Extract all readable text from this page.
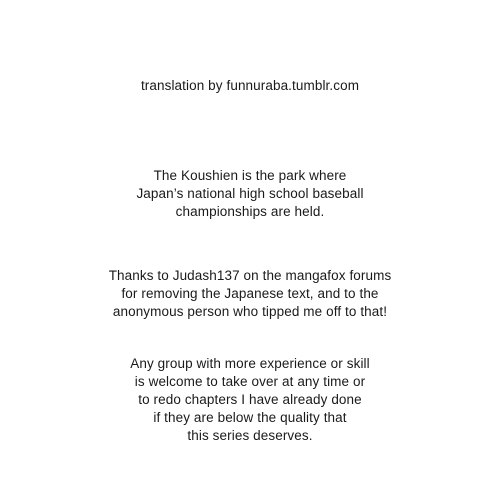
translation by funnuraba.tumblr.com
The Koushien is the park where
Japan’s national high school baseball
championships are held.
Thanks to Judash137 on the mangafox forums
for removing the Japanese text, and to the
anonymous person who tipped me off to that!
Any group with more experience or skill
is welcome to take over at any time or
to redo chapters I have already done
if they are below the quality that
this series deserves.
